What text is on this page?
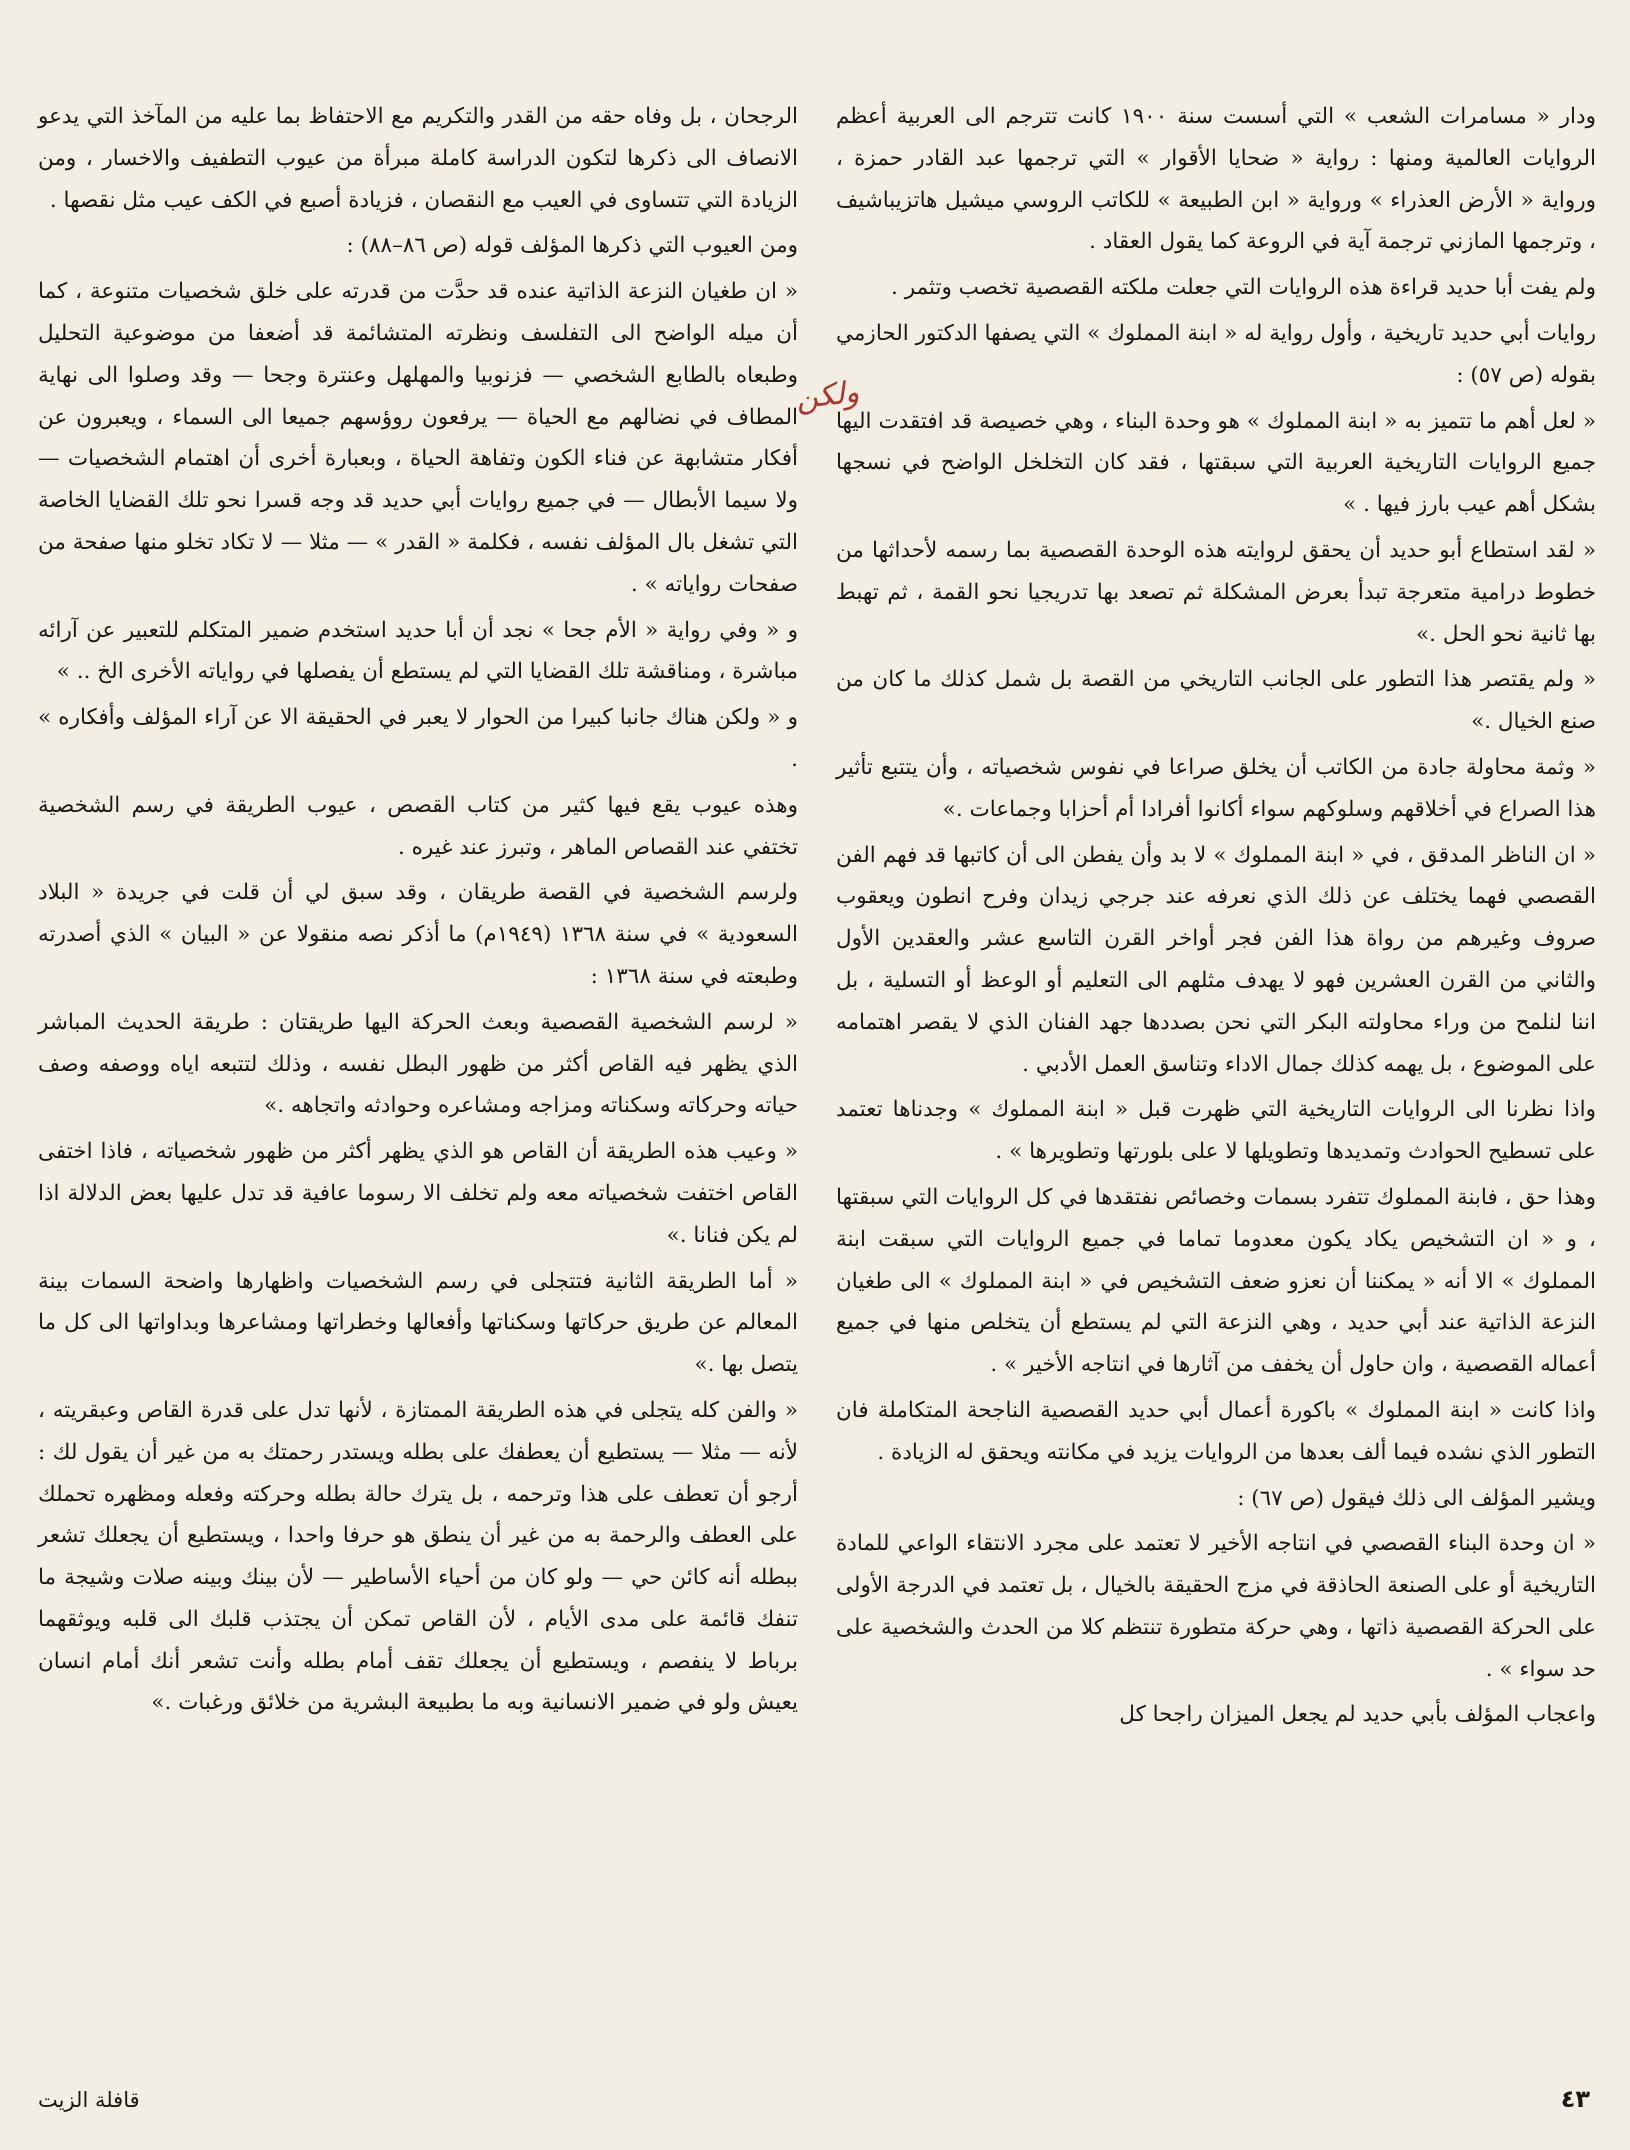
ودار « مسامرات الشعب » التي أسست سنة ١٩٠٠ كانت تترجم الى العربية أعظم الروايات العالمية ومنها : رواية « ضحايا الأقوار » التي ترجمها عبد القادر حمزة ، ورواية « الأرض العذراء » ورواية « ابن الطبيعة » للكاتب الروسي ميشيل هاتزيباشيف ، وترجمها المازني ترجمة آية في الروعة كما يقول العقاد .

ولم يفت أبا حديد قراءة هذه الروايات التي جعلت ملكته القصصية تخصب وتثمر .

روايات أبي حديد تاريخية ، وأول رواية له « ابنة المملوك » التي يصفها الدكتور الحازمي بقوله (ص ٥٧) :

« لعل أهم ما تتميز به « ابنة المملوك » هو وحدة البناء ، وهي خصيصة قد افتقدت اليها جميع الروايات التاريخية العربية التي سبقتها ، فقد كان التخلخل الواضح في نسجها بشكل أهم عيب بارز فيها . »

« لقد استطاع أبو حديد أن يحقق لروايته هذه الوحدة القصصية بما رسمه لأحداثها من خطوط درامية متعرجة تبدأ بعرض المشكلة ثم تصعد بها تدريجيا نحو القمة ، ثم تهبط بها ثانية نحو الحل .»

« ولم يقتصر هذا التطور على الجانب التاريخي من القصة بل شمل كذلك ما كان من صنع الخيال .»

« وثمة محاولة جادة من الكاتب أن يخلق صراعا في نفوس شخصياته ، وأن يتتبع تأثير هذا الصراع في أخلاقهم وسلوكهم سواء أكانوا أفرادا أم أحزابا وجماعات .»

« ان الناظر المدقق ، في « ابنة المملوك » لا بد وأن يفطن الى أن كاتبها قد فهم الفن القصصي فهما يختلف عن ذلك الذي نعرفه عند جرجي زيدان وفرح انطون ويعقوب صروف وغيرهم من رواة هذا الفن فجر أواخر القرن التاسع عشر والعقدين الأول والثاني من القرن العشرين فهو لا يهدف مثلهم الى التعليم أو الوعظ أو التسلية ، بل اننا لنلمح من وراء محاولته البكر التي نحن بصددها جهد الفنان الذي لا يقصر اهتمامه على الموضوع ، بل يهمه كذلك جمال الاداء وتناسق العمل الأدبي .

واذا نظرنا الى الروايات التاريخية التي ظهرت قبل « ابنة المملوك » وجدناها تعتمد على تسطيح الحوادث وتمديدها وتطويلها لا على بلورتها وتطويرها » .

وهذا حق ، فابنة المملوك تتفرد بسمات وخصائص نفتقدها في كل الروايات التي سبقتها ، و « ان التشخيص يكاد يكون معدوما تماما في جميع الروايات التي سبقت ابنة المملوك » الا أنه « يمكننا أن نعزو ضعف التشخيص في « ابنة المملوك » الى طغيان النزعة الذاتية عند أبي حديد ، وهي النزعة التي لم يستطع أن يتخلص منها في جميع أعماله القصصية ، وان حاول أن يخفف من آثارها في انتاجه الأخير » .

واذا كانت « ابنة المملوك » باكورة أعمال أبي حديد القصصية الناجحة المتكاملة فان التطور الذي نشده فيما ألف بعدها من الروايات يزيد في مكانته ويحقق له الزيادة .

ويشير المؤلف الى ذلك فيقول (ص ٦٧) :

« ان وحدة البناء القصصي في انتاجه الأخير لا تعتمد على مجرد الانتقاء الواعي للمادة التاريخية أو على الصنعة الحاذقة في مزج الحقيقة بالخيال ، بل تعتمد في الدرجة الأولى على الحركة القصصية ذاتها ، وهي حركة متطورة تنتظم كلا من الحدث والشخصية على حد سواء » .

واعجاب المؤلف بأبي حديد لم يجعل الميزان راجحا كل

ولكن

الرجحان ، بل وفاه حقه من القدر والتكريم مع الاحتفاظ بما عليه من المآخذ التي يدعو الانصاف الى ذكرها لتكون الدراسة كاملة مبرأة من عيوب التطفيف والاخسار ، ومن الزيادة التي تتساوى في العيب مع النقصان ، فزيادة أصبع في الكف عيب مثل نقصها .

ومن العيوب التي ذكرها المؤلف قوله (ص ٨٦–٨٨) :

« ان طغيان النزعة الذاتية عنده قد حدَّت من قدرته على خلق شخصيات متنوعة ، كما أن ميله الواضح الى التفلسف ونظرته المتشائمة قد أضعفا من موضوعية التحليل وطبعاه بالطابع الشخصي — فزنوبيا والمهلهل وعنترة وجحا — وقد وصلوا الى نهاية المطاف في نضالهم مع الحياة — يرفعون روؤسهم جميعا الى السماء ، ويعبرون عن أفكار متشابهة عن فناء الكون وتفاهة الحياة ، وبعبارة أخرى أن اهتمام الشخصيات — ولا سيما الأبطال — في جميع روايات أبي حديد قد وجه قسرا نحو تلك القضايا الخاصة التي تشغل بال المؤلف نفسه ، فكلمة « القدر » — مثلا — لا تكاد تخلو منها صفحة من صفحات رواياته » .

و « وفي رواية « الأم جحا » نجد أن أبا حديد استخدم ضمير المتكلم للتعبير عن آرائه مباشرة ، ومناقشة تلك القضايا التي لم يستطع أن يفصلها في رواياته الأخرى الخ .. »

و « ولكن هناك جانبا كبيرا من الحوار لا يعبر في الحقيقة الا عن آراء المؤلف وأفكاره » .

وهذه عيوب يقع فيها كثير من كتاب القصص ، عيوب الطريقة في رسم الشخصية تختفي عند القصاص الماهر ، وتبرز عند غيره .

ولرسم الشخصية في القصة طريقان ، وقد سبق لي أن قلت في جريدة « البلاد السعودية » في سنة ١٣٦٨ (١٩٤٩م) ما أذكر نصه منقولا عن « البيان » الذي أصدرته وطبعته في سنة ١٣٦٨ :

« لرسم الشخصية القصصية وبعث الحركة اليها طريقتان : طريقة الحديث المباشر الذي يظهر فيه القاص أكثر من ظهور البطل نفسه ، وذلك لتتبعه اياه ووصفه وصف حياته وحركاته وسكناته ومزاجه ومشاعره وحوادثه واتجاهه .»

« وعيب هذه الطريقة أن القاص هو الذي يظهر أكثر من ظهور شخصياته ، فاذا اختفى القاص اختفت شخصياته معه ولم تخلف الا رسوما عافية قد تدل عليها بعض الدلالة اذا لم يكن فنانا .»

« أما الطريقة الثانية فتتجلى في رسم الشخصيات واظهارها واضحة السمات بينة المعالم عن طريق حركاتها وسكناتها وأفعالها وخطراتها ومشاعرها وبداواتها الى كل ما يتصل بها .»

« والفن كله يتجلى في هذه الطريقة الممتازة ، لأنها تدل على قدرة القاص وعبقريته ، لأنه — مثلا — يستطيع أن يعطفك على بطله ويستدر رحمتك به من غير أن يقول لك : أرجو أن تعطف على هذا وترحمه ، بل يترك حالة بطله وحركته وفعله ومظهره تحملك على العطف والرحمة به من غير أن ينطق هو حرفا واحدا ، ويستطيع أن يجعلك تشعر ببطله أنه كائن حي — ولو كان من أحياء الأساطير — لأن بينك وبينه صلات وشيجة ما تنفك قائمة على مدى الأيام ، لأن القاص تمكن أن يجتذب قلبك الى قلبه ويوثقهما برباط لا ينفصم ، ويستطيع أن يجعلك تقف أمام بطله وأنت تشعر أنك أمام انسان يعيش ولو في ضمير الانسانية وبه ما بطبيعة البشرية من خلائق ورغبات .»

٤٣
قافلة الزيت
